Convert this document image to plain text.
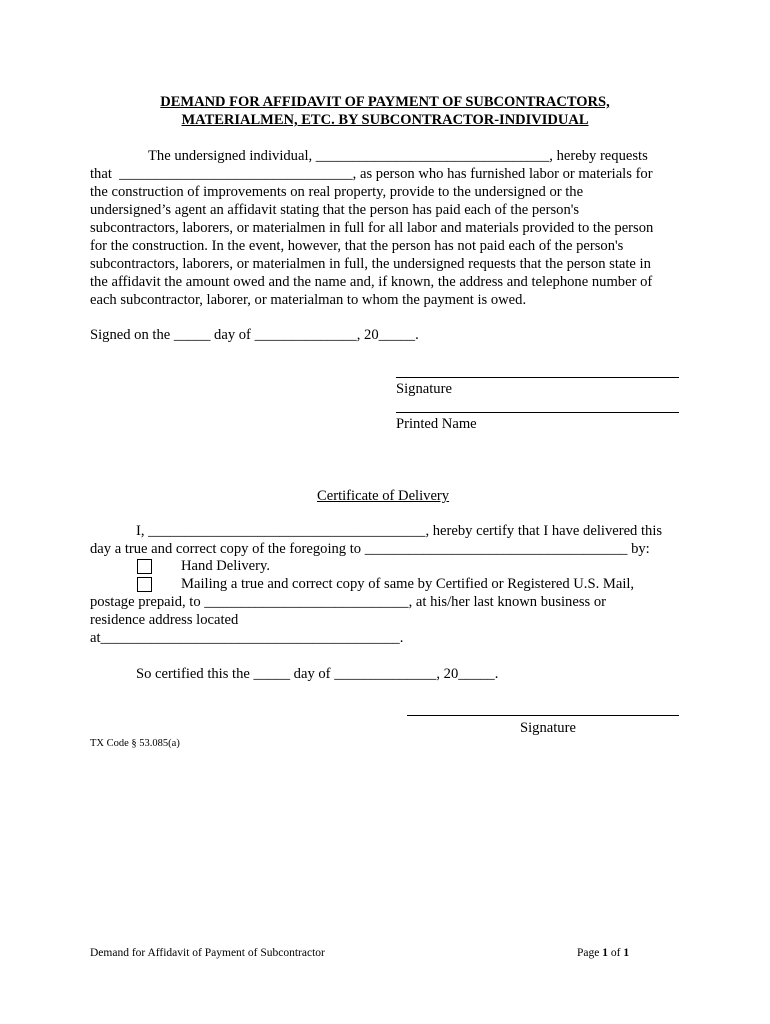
DEMAND FOR AFFIDAVIT OF PAYMENT OF SUBCONTRACTORS,
MATERIALMEN, ETC. BY SUBCONTRACTOR-INDIVIDUAL
The undersigned individual, ________________________________, hereby requests
that  ________________________________, as person who has furnished labor or materials for
the construction of improvements on real property, provide to the undersigned or the
undersigned’s agent an affidavit stating that the person has paid each of the person's
subcontractors, laborers, or materialmen in full for all labor and materials provided to the person
for the construction. In the event, however, that the person has not paid each of the person's
subcontractors, laborers, or materialmen in full, the undersigned requests that the person state in
the affidavit the amount owed and the name and, if known, the address and telephone number of
each subcontractor, laborer, or materialman to whom the payment is owed.
Signed on the _____ day of ______________, 20_____.
Signature
Printed Name
Certificate of Delivery
I, ______________________________________, hereby certify that I have delivered this
day a true and correct copy of the foregoing to ____________________________________ by:
Hand Delivery.
Mailing a true and correct copy of same by Certified or Registered U.S. Mail,
postage prepaid, to ____________________________, at his/her last known business or
residence address located
at_________________________________________.
So certified this the _____ day of ______________, 20_____.
Signature
TX Code § 53.085(a)
Demand for Affidavit of Payment of Subcontractor	Page 1 of 1
